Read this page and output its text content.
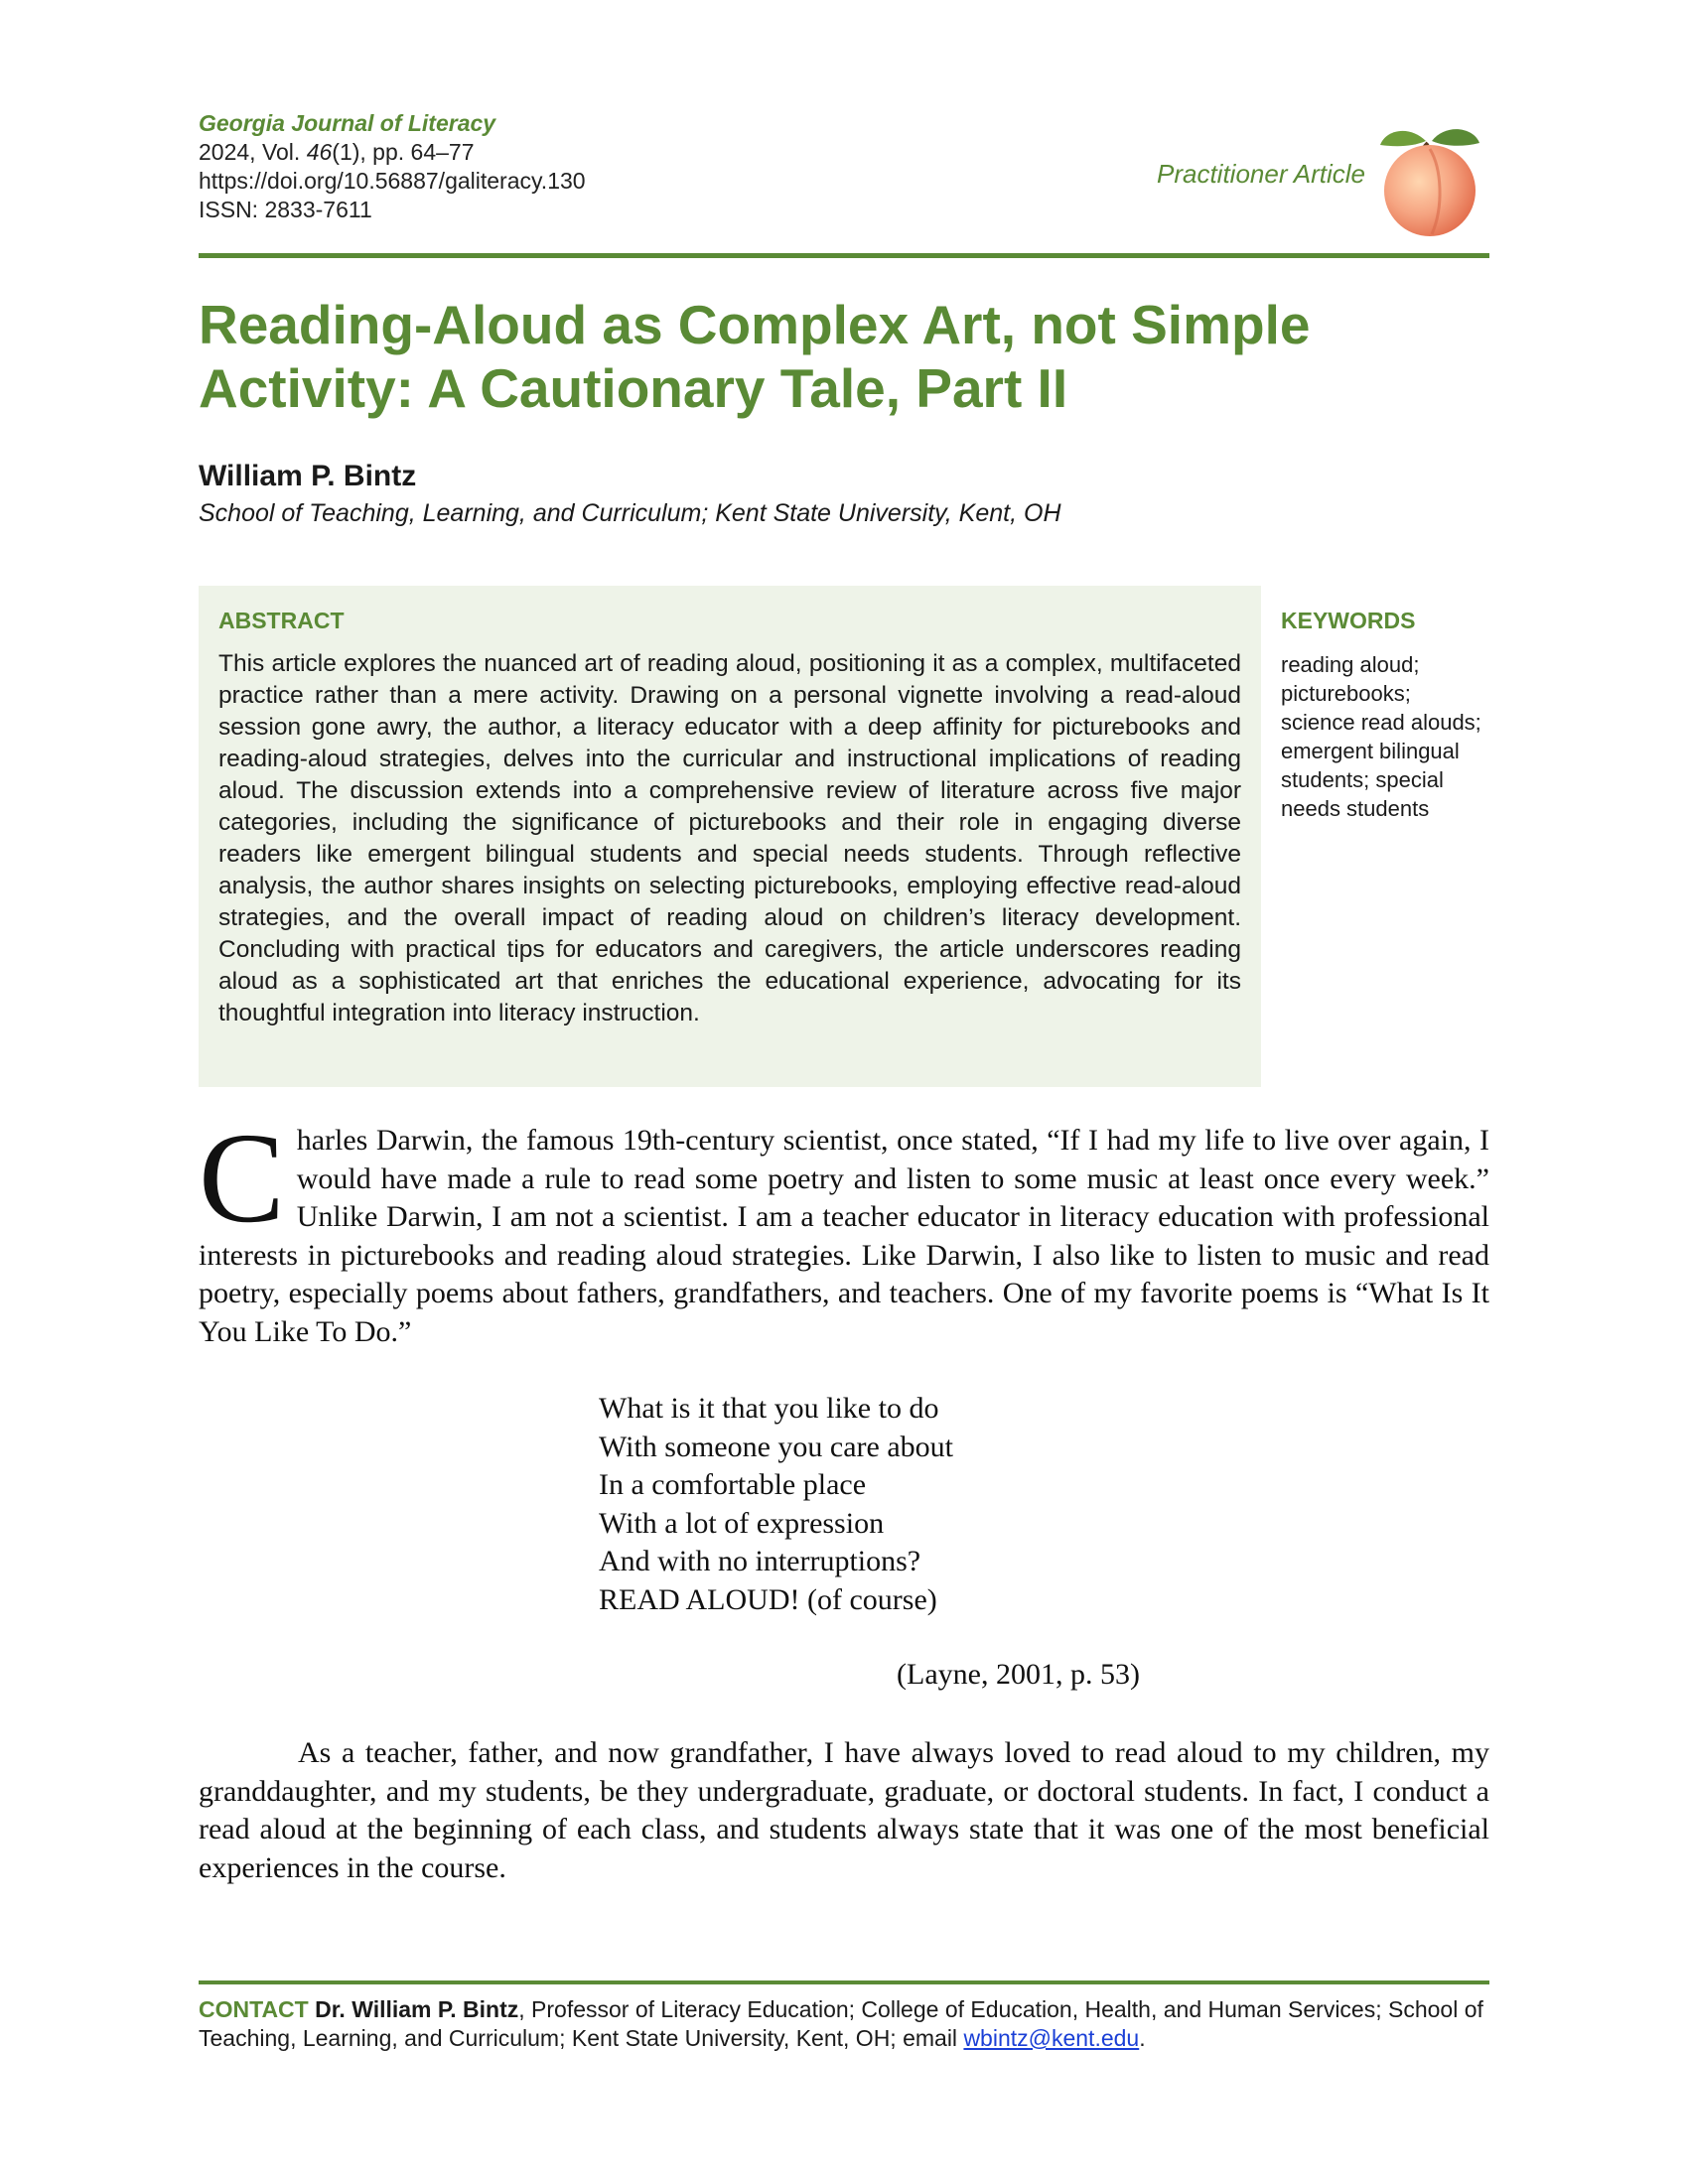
Georgia Journal of Literacy
2024, Vol. 46(1), pp. 64–77
https://doi.org/10.56887/galiteracy.130
ISSN: 2833-7611
Practitioner Article
Reading-Aloud as Complex Art, not Simple Activity: A Cautionary Tale, Part II
William P. Bintz
School of Teaching, Learning, and Curriculum; Kent State University, Kent, OH
ABSTRACT

This article explores the nuanced art of reading aloud, positioning it as a complex, multifaceted practice rather than a mere activity. Drawing on a personal vignette involving a read-aloud session gone awry, the author, a literacy educator with a deep affinity for picturebooks and reading-aloud strategies, delves into the curricular and instructional implications of reading aloud. The discussion extends into a comprehensive review of literature across five major categories, including the significance of picturebooks and their role in engaging diverse readers like emergent bilingual students and special needs students. Through reflective analysis, the author shares insights on selecting picturebooks, employing effective read-aloud strategies, and the overall impact of reading aloud on children’s literacy development. Concluding with practical tips for educators and caregivers, the article underscores reading aloud as a sophisticated art that enriches the educational experience, advocating for its thoughtful integration into literacy instruction.

KEYWORDS

reading aloud; picturebooks; science read alouds; emergent bilingual students; special needs students

Charles Darwin, the famous 19th-century scientist, once stated, “If I had my life to live over again, I would have made a rule to read some poetry and listen to some music at least once every week.” Unlike Darwin, I am not a scientist. I am a teacher educator in literacy education with professional interests in picturebooks and reading aloud strategies. Like Darwin, I also like to listen to music and read poetry, especially poems about fathers, grandfathers, and teachers. One of my favorite poems is “What Is It You Like To Do.”

What is it that you like to do
With someone you care about
In a comfortable place
With a lot of expression
And with no interruptions?
READ ALOUD! (of course)
(Layne, 2001, p. 53)

As a teacher, father, and now grandfather, I have always loved to read aloud to my children, my granddaughter, and my students, be they undergraduate, graduate, or doctoral students. In fact, I conduct a read aloud at the beginning of each class, and students always state that it was one of the most beneficial experiences in the course.

CONTACT Dr. William P. Bintz, Professor of Literacy Education; College of Education, Health, and Human Services; School of Teaching, Learning, and Curriculum; Kent State University, Kent, OH; email wbintz@kent.edu.
